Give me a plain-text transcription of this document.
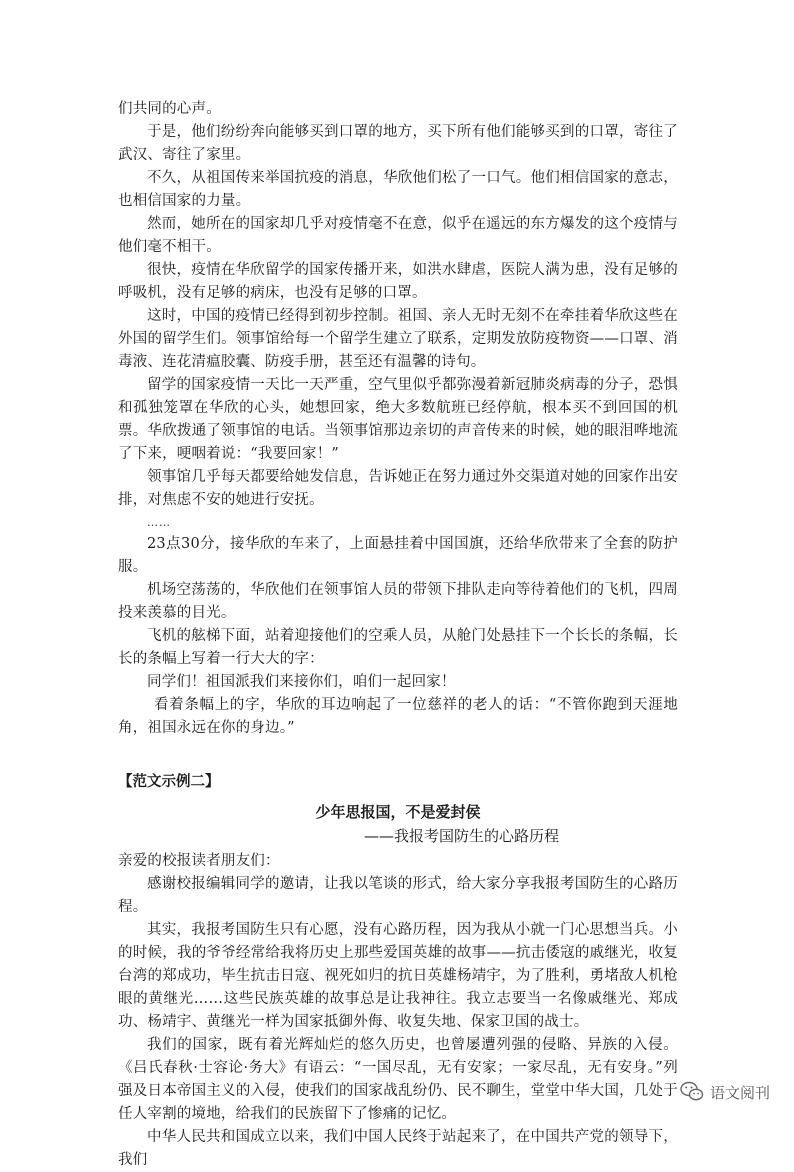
们共同的心声。

于是，他们纷纷奔向能够买到口罩的地方，买下所有他们能够买到的口罩，寄往了武汉、寄往了家里。

不久，从祖国传来举国抗疫的消息，华欣他们松了一口气。他们相信国家的意志，也相信国家的力量。

然而，她所在的国家却几乎对疫情毫不在意，似乎在遥远的东方爆发的这个疫情与他们毫不相干。

很快，疫情在华欣留学的国家传播开来，如洪水肆虐，医院人满为患，没有足够的呼吸机，没有足够的病床，也没有足够的口罩。

这时，中国的疫情已经得到初步控制。祖国、亲人无时无刻不在牵挂着华欣这些在外国的留学生们。领事馆给每一个留学生建立了联系，定期发放防疫物资——口罩、消毒液、连花清瘟胶囊、防疫手册，甚至还有温馨的诗句。

留学的国家疫情一天比一天严重，空气里似乎都弥漫着新冠肺炎病毒的分子，恐惧和孤独笼罩在华欣的心头，她想回家，绝大多数航班已经停航，根本买不到回国的机票。华欣拨通了领事馆的电话。当领事馆那边亲切的声音传来的时候，她的眼泪哗地流了下来，哽咽着说：“我要回家！”

领事馆几乎每天都要给她发信息，告诉她正在努力通过外交渠道对她的回家作出安排，对焦虑不安的她进行安抚。

……

23点30分，接华欣的车来了，上面悬挂着中国国旗，还给华欣带来了全套的防护服。

机场空荡荡的，华欣他们在领事馆人员的带领下排队走向等待着他们的飞机，四周投来羡慕的目光。

飞机的舷梯下面，站着迎接他们的空乘人员，从舱门处悬挂下一个长长的条幅，长长的条幅上写着一行大大的字：

同学们！祖国派我们来接你们，咱们一起回家！

看着条幅上的字，华欣的耳边响起了一位慈祥的老人的话：“不管你跑到天涯地角，祖国永远在你的身边。”

【范文示例二】
少年思报国，不是爱封侯
——我报考国防生的心路历程

亲爱的校报读者朋友们：

感谢校报编辑同学的邀请，让我以笔谈的形式，给大家分享我报考国防生的心路历程。

其实，我报考国防生只有心愿，没有心路历程，因为我从小就一门心思想当兵。小的时候，我的爷爷经常给我将历史上那些爱国英雄的故事——抗击倭寇的戚继光，收复台湾的郑成功，毕生抗击日寇、视死如归的抗日英雄杨靖宇，为了胜利，勇堵敌人机枪眼的黄继光……这些民族英雄的故事总是让我神往。我立志要当一名像戚继光、郑成功、杨靖宇、黄继光一样为国家抵御外侮、收复失地、保家卫国的战士。

我们的国家，既有着光辉灿烂的悠久历史，也曾屡遭列强的侵略、异族的入侵。《吕氏春秋·士容论·务大》有语云：“一国尽乱，无有安家；一家尽乱，无有安身。”列强及日本帝国主义的入侵，使我们的国家战乱纷仍、民不聊生，堂堂中华大国，几处于任人宰割的境地，给我们的民族留下了惨痛的记忆。

中华人民共和国成立以来，我们中国人民终于站起来了，在中国共产党的领导下，我们

语文阅刊
